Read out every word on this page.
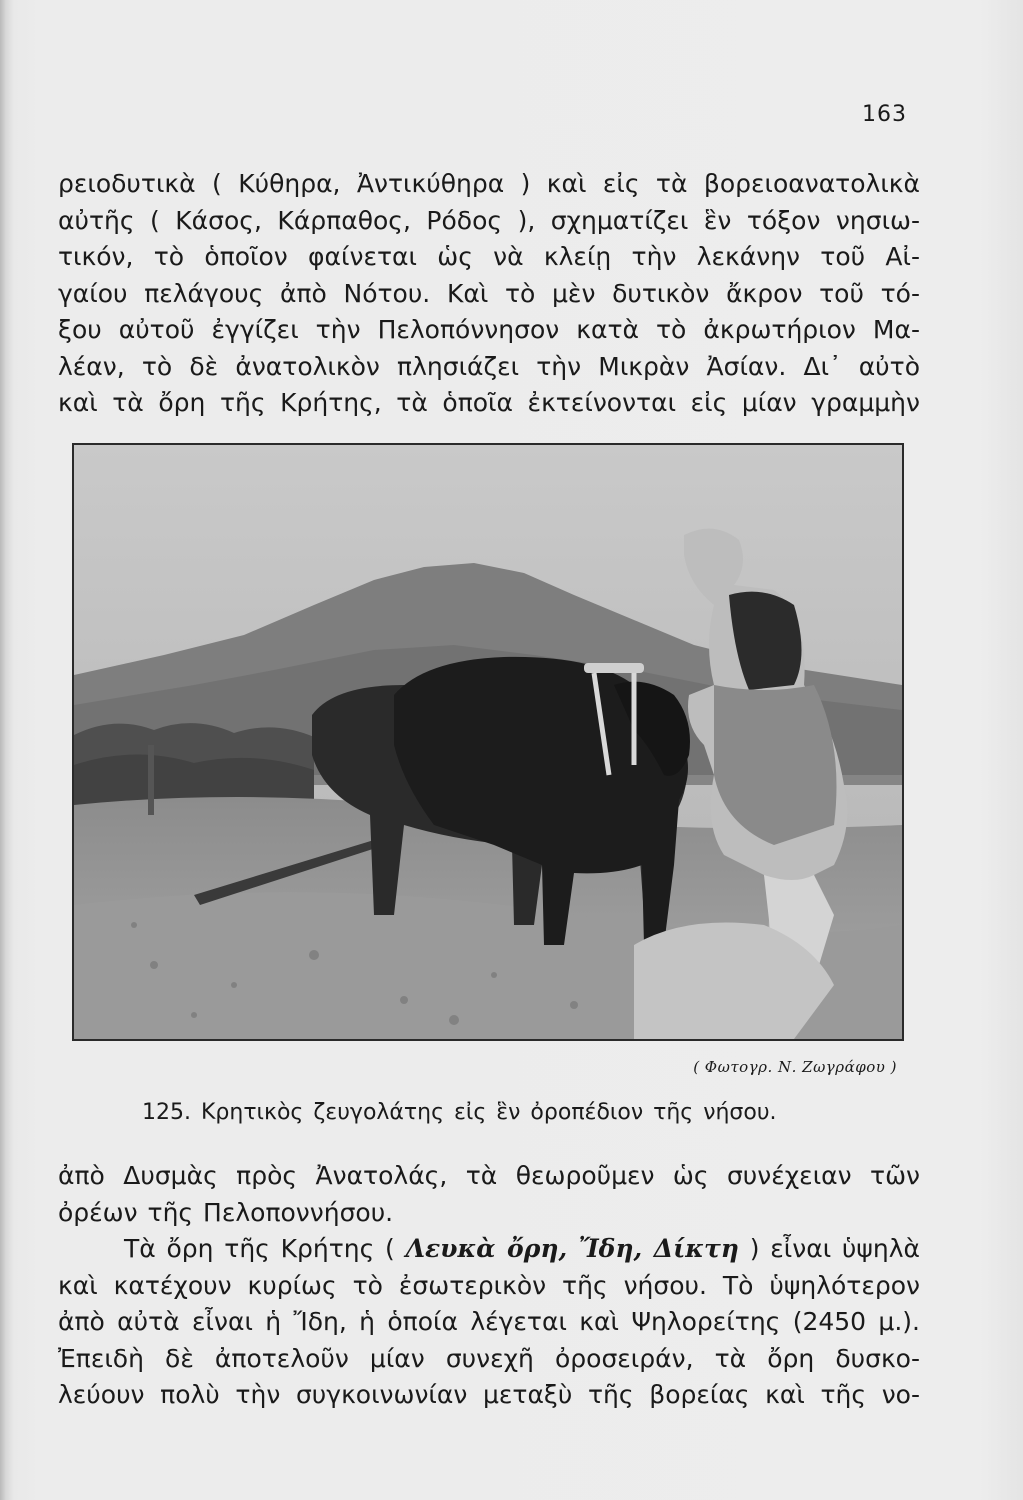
163
ρειοδυτικὰ ( Κύθηρα, Ἀντικύθηρα ) καὶ εἰς τὰ βορειοανατολικὰ
αὐτῆς ( Κάσος, Κάρπαθος, Ρόδος ), σχηματίζει ἓν τόξον νησιω-
τικόν, τὸ ὁποῖον φαίνεται ὡς νὰ κλείῃ τὴν λεκάνην τοῦ Αἰ-
γαίου πελάγους ἀπὸ Νότου. Καὶ τὸ μὲν δυτικὸν ἄκρον τοῦ τό-
ξου αὐτοῦ ἐγγίζει τὴν Πελοπόννησον κατὰ τὸ ἀκρωτήριον Μα-
λέαν, τὸ δὲ ἀνατολικὸν πλησιάζει τὴν Μικρὰν Ἀσίαν. Δι᾽ αὐτὸ
καὶ τὰ ὄρη τῆς Κρήτης, τὰ ὁποῖα ἐκτείνονται εἰς μίαν γραμμὴν
( Φωτογρ. Ν. Ζωγράφου )
125. Κρητικὸς ζευγολάτης εἰς ἓν ὀροπέδιον τῆς νήσου.
ἀπὸ Δυσμὰς πρὸς Ἀνατολάς, τὰ θεωροῦμεν ὡς συνέχειαν τῶν
ὀρέων τῆς Πελοποννήσου.
Τὰ ὄρη τῆς Κρήτης ( Λευκὰ ὄρη, Ἴδη, Δίκτη ) εἶναι ὑψηλὰ
καὶ κατέχουν κυρίως τὸ ἐσωτερικὸν τῆς νήσου. Τὸ ὑψηλότερον
ἀπὸ αὐτὰ εἶναι ἡ Ἴδη, ἡ ὁποία λέγεται καὶ Ψηλορείτης (2450 μ.).
Ἐπειδὴ δὲ ἀποτελοῦν μίαν συνεχῆ ὀροσειράν, τὰ ὄρη δυσκο-
λεύουν πολὺ τὴν συγκοινωνίαν μεταξὺ τῆς βορείας καὶ τῆς νο-
